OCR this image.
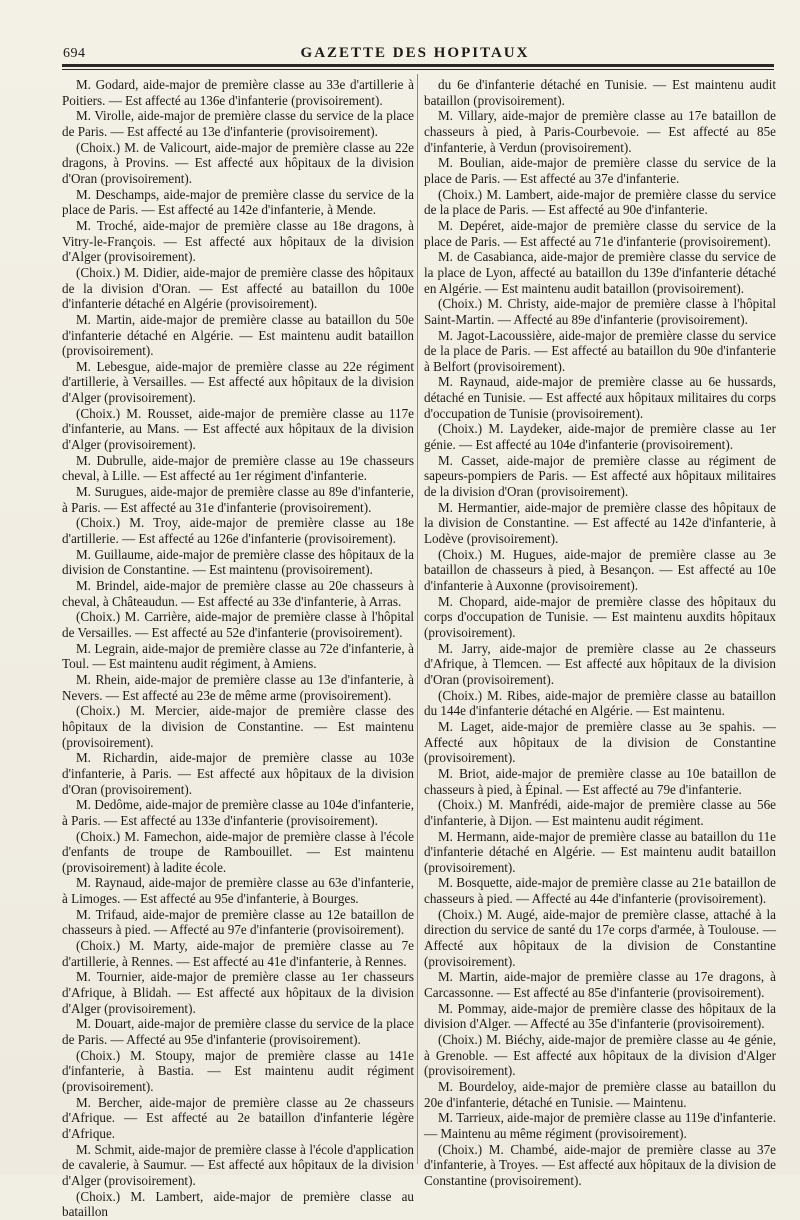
694	GAZETTE DES HOPITAUX

M. Godard, aide-major de première classe au 33e d'artillerie à Poitiers. — Est affecté au 136e d'infanterie (provisoirement).

M. Virolle, aide-major de première classe du service de la place de Paris. — Est affecté au 13e d'infanterie (provisoirement).

(Choix.) M. de Valicourt, aide-major de première classe au 22e dragons, à Provins. — Est affecté aux hôpitaux de la division d'Oran (provisoirement).

M. Deschamps, aide-major de première classe du service de la place de Paris. — Est affecté au 142e d'infanterie, à Mende.

M. Troché, aide-major de première classe au 18e dragons, à Vitry-le-François. — Est affecté aux hôpitaux de la division d'Alger (provisoirement).

(Choix.) M. Didier, aide-major de première classe des hôpitaux de la division d'Oran. — Est affecté au bataillon du 100e d'infanterie détaché en Algérie (provisoirement).

M. Martin, aide-major de première classe au bataillon du 50e d'infanterie détaché en Algérie. — Est maintenu audit bataillon (provisoirement).

M. Lebesgue, aide-major de première classe au 22e régiment d'artillerie, à Versailles. — Est affecté aux hôpitaux de la division d'Alger (provisoirement).

(Choix.) M. Rousset, aide-major de première classe au 117e d'infanterie, au Mans. — Est affecté aux hôpitaux de la division d'Alger (provisoirement).

M. Dubrulle, aide-major de première classe au 19e chasseurs cheval, à Lille. — Est affecté au 1er régiment d'infanterie.

M. Surugues, aide-major de première classe au 89e d'infanterie, à Paris. — Est affecté au 31e d'infanterie (provisoirement).

(Choix.) M. Troy, aide-major de première classe au 18e d'artillerie. — Est affecté au 126e d'infanterie (provisoirement).

M. Guillaume, aide-major de première classe des hôpitaux de la division de Constantine. — Est maintenu (provisoirement).

M. Brindel, aide-major de première classe au 20e chasseurs à cheval, à Châteaudun. — Est affecté au 33e d'infanterie, à Arras.

(Choix.) M. Carrière, aide-major de première classe à l'hôpital de Versailles. — Est affecté au 52e d'infanterie (provisoirement).

M. Legrain, aide-major de première classe au 72e d'infanterie, à Toul. — Est maintenu audit régiment, à Amiens.

M. Rhein, aide-major de première classe au 13e d'infanterie, à Nevers. — Est affecté au 23e de même arme (provisoirement).

(Choix.) M. Mercier, aide-major de première classe des hôpitaux de la division de Constantine. — Est maintenu (provisoirement).

M. Richardin, aide-major de première classe au 103e d'infanterie, à Paris. — Est affecté aux hôpitaux de la division d'Oran (provisoirement).

M. Dedôme, aide-major de première classe au 104e d'infanterie, à Paris. — Est affecté au 133e d'infanterie (provisoirement).

(Choix.) M. Famechon, aide-major de première classe à l'école d'enfants de troupe de Rambouillet. — Est maintenu (provisoirement) à ladite école.

M. Raynaud, aide-major de première classe au 63e d'infanterie, à Limoges. — Est affecté au 95e d'infanterie, à Bourges.

M. Trifaud, aide-major de première classe au 12e bataillon de chasseurs à pied. — Affecté au 97e d'infanterie (provisoirement).

(Choix.) M. Marty, aide-major de première classe au 7e d'artillerie, à Rennes. — Est affecté au 41e d'infanterie, à Rennes.

M. Tournier, aide-major de première classe au 1er chasseurs d'Afrique, à Blidah. — Est affecté aux hôpitaux de la division d'Alger (provisoirement).

M. Douart, aide-major de première classe du service de la place de Paris. — Affecté au 95e d'infanterie (provisoirement).

(Choix.) M. Stoupy, major de première classe au 141e d'infanterie, à Bastia. — Est maintenu audit régiment (provisoirement).

M. Bercher, aide-major de première classe au 2e chasseurs d'Afrique. — Est affecté au 2e bataillon d'infanterie légère d'Afrique.

M. Schmit, aide-major de première classe à l'école d'application de cavalerie, à Saumur. — Est affecté aux hôpitaux de la division d'Alger (provisoirement).

(Choix.) M. Lambert, aide-major de première classe au bataillon

du 6e d'infanterie détaché en Tunisie. — Est maintenu audit bataillon (provisoirement).

M. Villary, aide-major de première classe au 17e bataillon de chasseurs à pied, à Paris-Courbevoie. — Est affecté au 85e d'infanterie, à Verdun (provisoirement).

M. Boulian, aide-major de première classe du service de la place de Paris. — Est affecté au 37e d'infanterie.

(Choix.) M. Lambert, aide-major de première classe du service de la place de Paris. — Est affecté au 90e d'infanterie.

M. Depéret, aide-major de première classe du service de la place de Paris. — Est affecté au 71e d'infanterie (provisoirement).

M. de Casabianca, aide-major de première classe du service de la place de Lyon, affecté au bataillon du 139e d'infanterie détaché en Algérie. — Est maintenu audit bataillon (provisoirement).

(Choix.) M. Christy, aide-major de première classe à l'hôpital Saint-Martin. — Affecté au 89e d'infanterie (provisoirement).

M. Jagot-Lacoussière, aide-major de première classe du service de la place de Paris. — Est affecté au bataillon du 90e d'infanterie à Belfort (provisoirement).

M. Raynaud, aide-major de première classe au 6e hussards, détaché en Tunisie. — Est affecté aux hôpitaux militaires du corps d'occupation de Tunisie (provisoirement).

(Choix.) M. Laydeker, aide-major de première classe au 1er génie. — Est affecté au 104e d'infanterie (provisoirement).

M. Casset, aide-major de première classe au régiment de sapeurs-pompiers de Paris. — Est affecté aux hôpitaux militaires de la division d'Oran (provisoirement).

M. Hermantier, aide-major de première classe des hôpitaux de la division de Constantine. — Est affecté au 142e d'infanterie, à Lodève (provisoirement).

(Choix.) M. Hugues, aide-major de première classe au 3e bataillon de chasseurs à pied, à Besançon. — Est affecté au 10e d'infanterie à Auxonne (provisoirement).

M. Chopard, aide-major de première classe des hôpitaux du corps d'occupation de Tunisie. — Est maintenu auxdits hôpitaux (provisoirement).

M. Jarry, aide-major de première classe au 2e chasseurs d'Afrique, à Tlemcen. — Est affecté aux hôpitaux de la division d'Oran (provisoirement).

(Choix.) M. Ribes, aide-major de première classe au bataillon du 144e d'infanterie détaché en Algérie. — Est maintenu.

M. Laget, aide-major de première classe au 3e spahis. — Affecté aux hôpitaux de la division de Constantine (provisoirement).

M. Briot, aide-major de première classe au 10e bataillon de chasseurs à pied, à Épinal. — Est affecté au 79e d'infanterie.

(Choix.) M. Manfrédi, aide-major de première classe au 56e d'infanterie, à Dijon. — Est maintenu audit régiment.

M. Hermann, aide-major de première classe au bataillon du 11e d'infanterie détaché en Algérie. — Est maintenu audit bataillon (provisoirement).

M. Bosquette, aide-major de première classe au 21e bataillon de chasseurs à pied. — Affecté au 44e d'infanterie (provisoirement).

(Choix.) M. Augé, aide-major de première classe, attaché à la direction du service de santé du 17e corps d'armée, à Toulouse. — Affecté aux hôpitaux de la division de Constantine (provisoirement).

M. Martin, aide-major de première classe au 17e dragons, à Carcassonne. — Est affecté au 85e d'infanterie (provisoirement).

M. Pommay, aide-major de première classe des hôpitaux de la division d'Alger. — Affecté au 35e d'infanterie (provisoirement).

(Choix.) M. Biéchy, aide-major de première classe au 4e génie, à Grenoble. — Est affecté aux hôpitaux de la division d'Alger (provisoirement).

M. Bourdeloy, aide-major de première classe au bataillon du 20e d'infanterie, détaché en Tunisie. — Maintenu.

M. Tarrieux, aide-major de première classe au 119e d'infanterie. — Maintenu au même régiment (provisoirement).

(Choix.) M. Chambé, aide-major de première classe au 37e d'infanterie, à Troyes. — Est affecté aux hôpitaux de la division de Constantine (provisoirement).
